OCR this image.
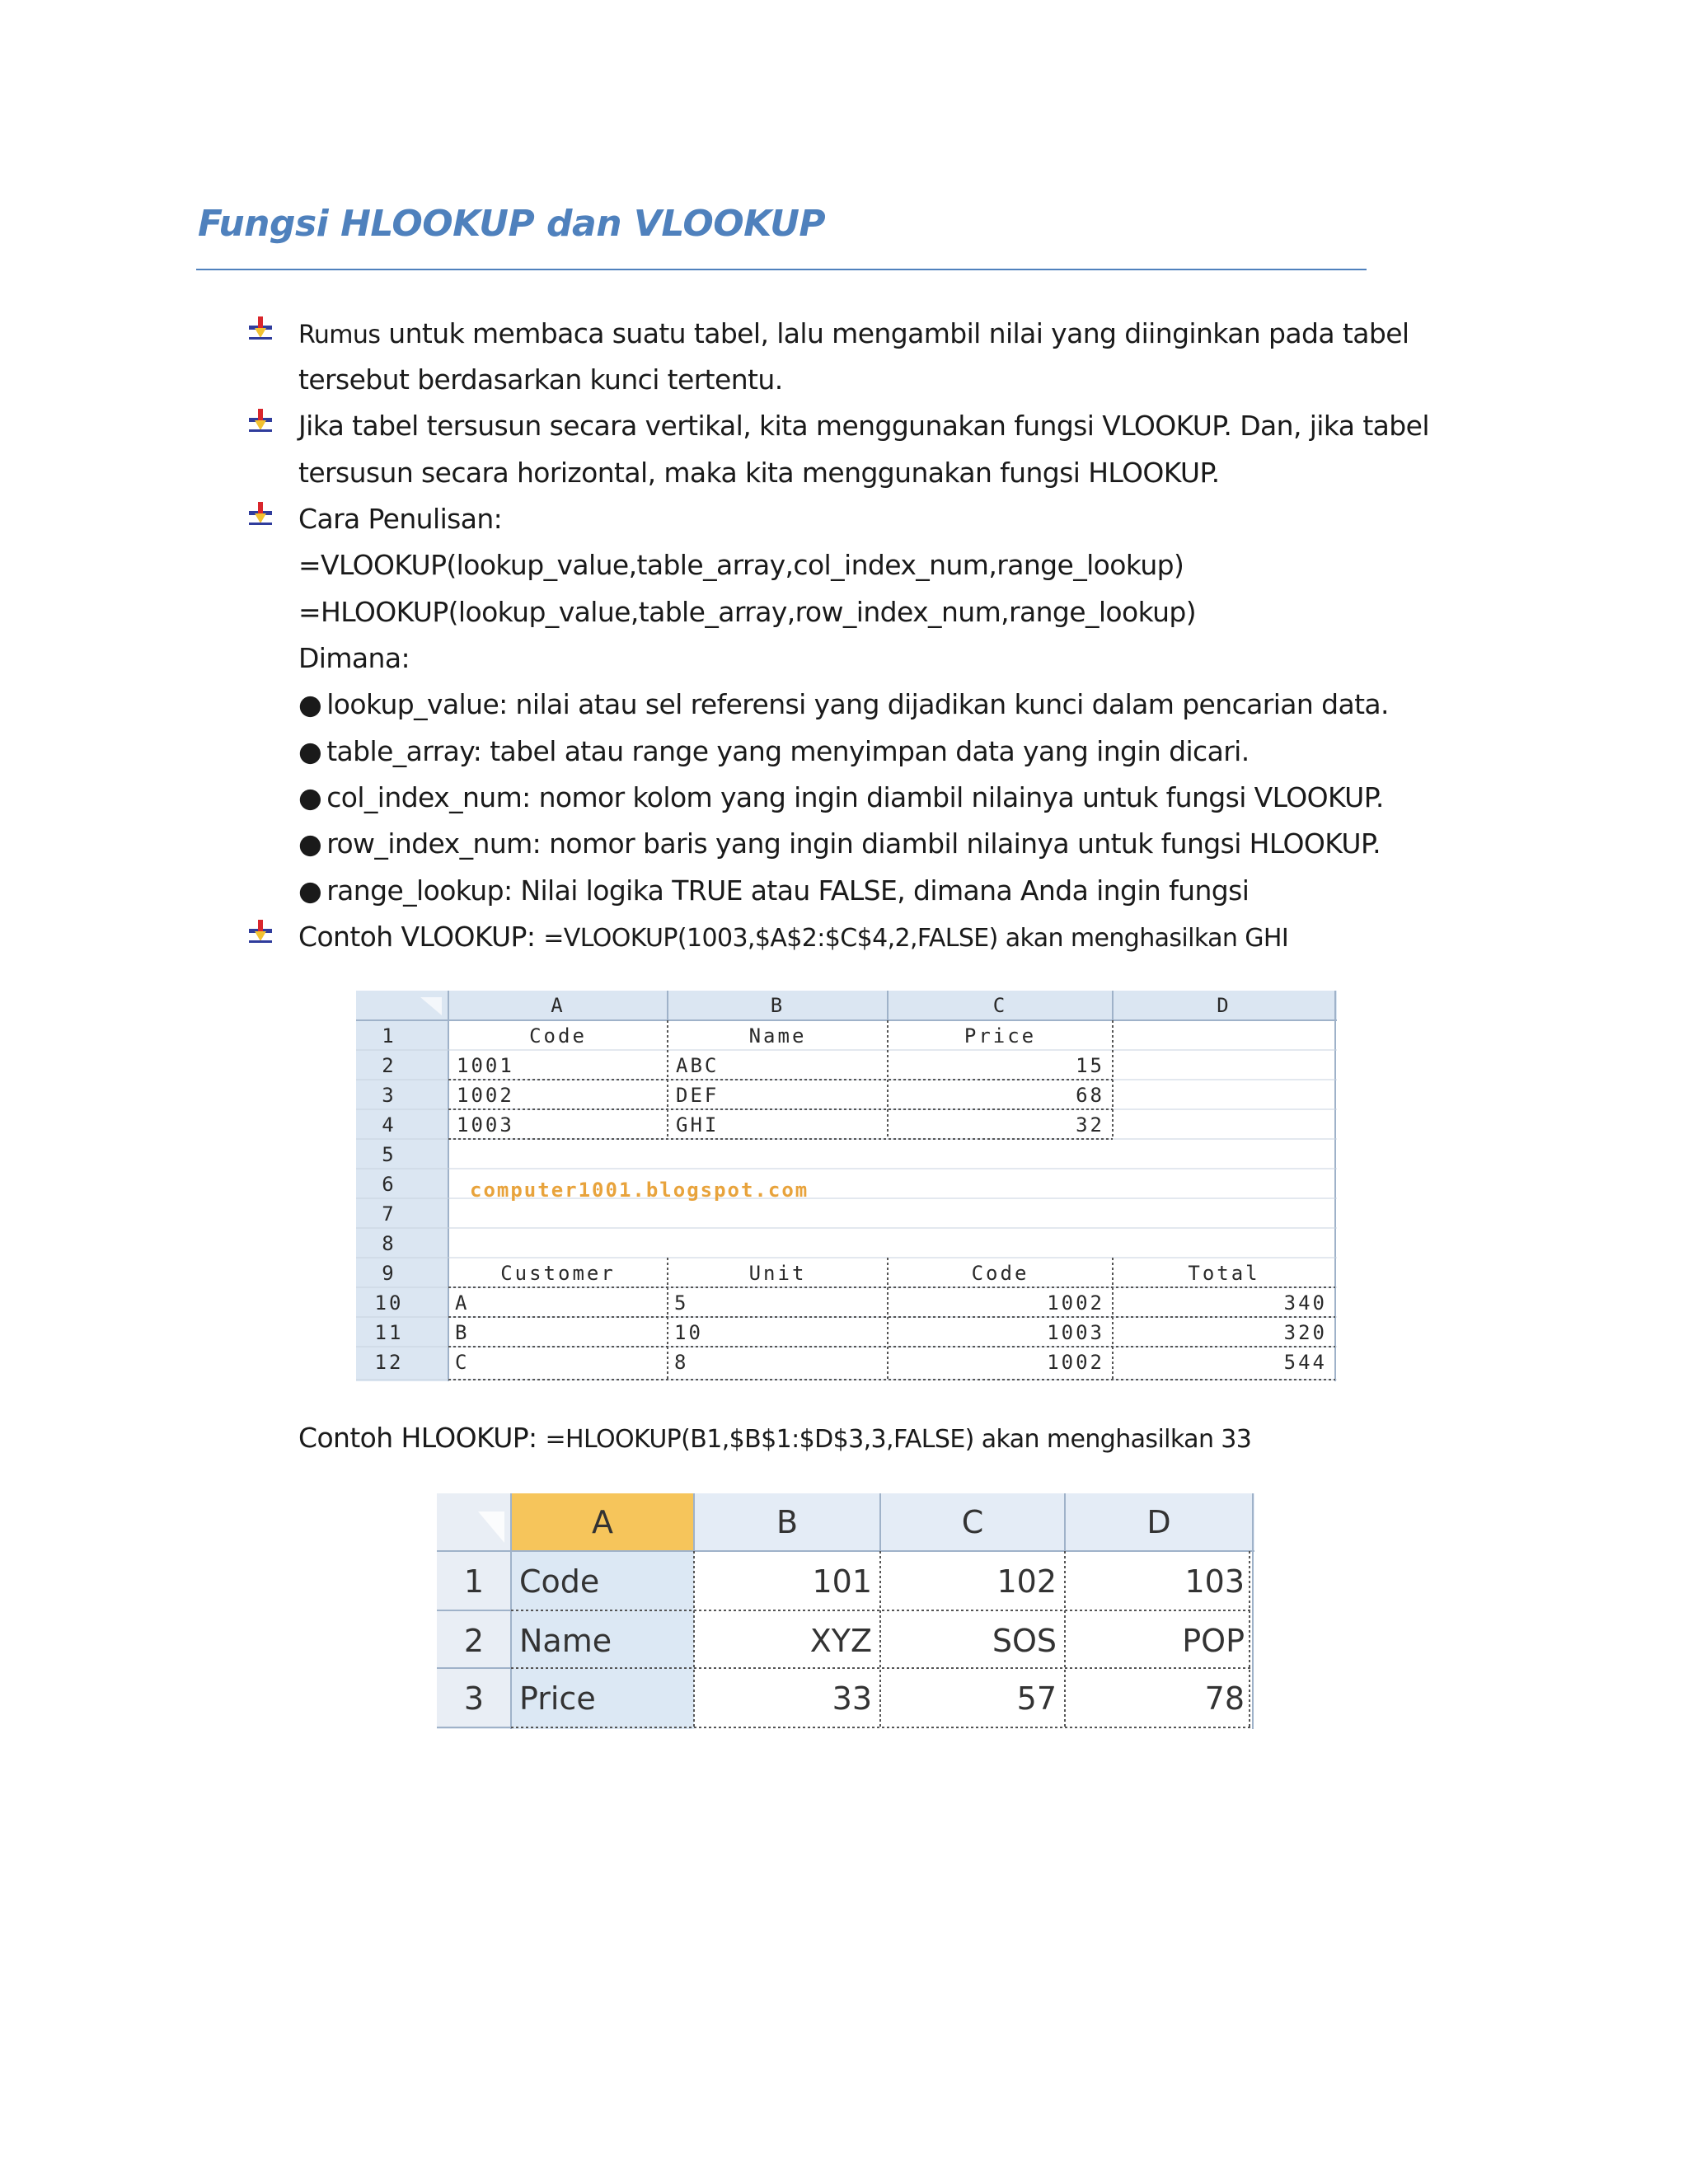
Fungsi HLOOKUP dan VLOOKUP
Rumus untuk membaca suatu tabel, lalu mengambil nilai yang diinginkan pada tabel
tersebut berdasarkan kunci tertentu.
Jika tabel tersusun secara vertikal, kita menggunakan fungsi VLOOKUP. Dan, jika tabel
tersusun secara horizontal, maka kita menggunakan fungsi HLOOKUP.
Cara Penulisan:
=VLOOKUP(lookup_value,table_array,col_index_num,range_lookup)
=HLOOKUP(lookup_value,table_array,row_index_num,range_lookup)
Dimana:
● lookup_value: nilai atau sel referensi yang dijadikan kunci dalam pencarian data.
● table_array: tabel atau range yang menyimpan data yang ingin dicari.
● col_index_num: nomor kolom yang ingin diambil nilainya untuk fungsi VLOOKUP.
● row_index_num: nomor baris yang ingin diambil nilainya untuk fungsi HLOOKUP.
● range_lookup: Nilai logika TRUE atau FALSE, dimana Anda ingin fungsi
Contoh VLOOKUP: =VLOOKUP(1003,$A$2:$C$4,2,FALSE) akan menghasilkan GHI
Contoh HLOOKUP: =HLOOKUP(B1,$B$1:$D$3,3,FALSE) akan menghasilkan 33
computer1001.blogspot.com
A	B	C	D
1
2
3
4
5
6
7
8
9
10
11
12
Code	Name	Price
1001	ABC	15
1002	DEF	68
1003	GHI	32
Customer	Unit	Code	Total
A	5	1002	340
B	10	1003	320
C	8	1002	544
A	B	C	D
1	Code	101	102	103
2	Name	XYZ	SOS	POP
3	Price	33	57	78
